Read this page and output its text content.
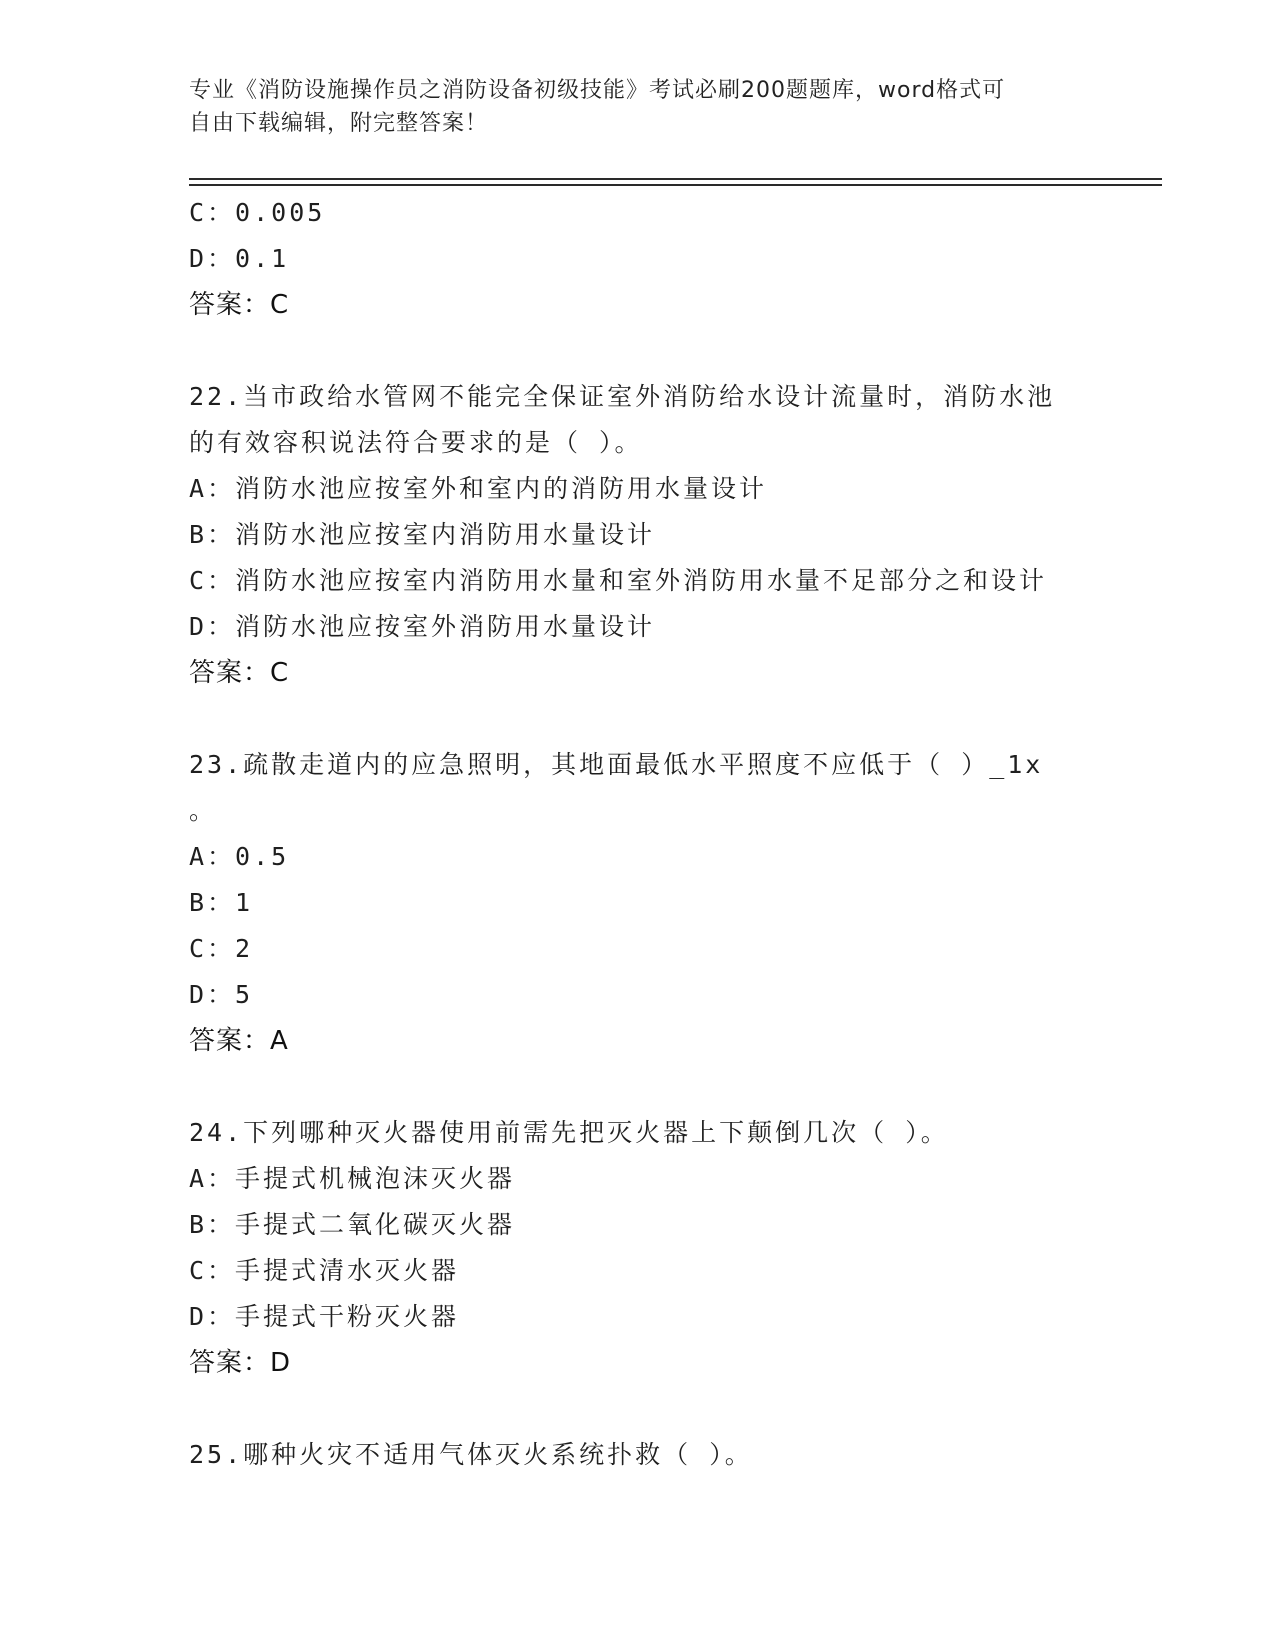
专业《消防设施操作员之消防设备初级技能》考试必刷200题题库，word格式可
自由下载编辑，附完整答案！
C：0.005
D：0.1
答案：C
22.当市政给水管网不能完全保证室外消防给水设计流量时，消防水池
的有效容积说法符合要求的是（ ）。
A：消防水池应按室外和室内的消防用水量设计
B：消防水池应按室内消防用水量设计
C：消防水池应按室内消防用水量和室外消防用水量不足部分之和设计
D：消防水池应按室外消防用水量设计
答案：C
23.疏散走道内的应急照明，其地面最低水平照度不应低于（ ）_1x
。
A：0.5
B：1
C：2
D：5
答案：A
24.下列哪种灭火器使用前需先把灭火器上下颠倒几次（ ）。
A：手提式机械泡沫灭火器
B：手提式二氧化碳灭火器
C：手提式清水灭火器
D：手提式干粉灭火器
答案：D
25.哪种火灾不适用气体灭火系统扑救（ ）。
